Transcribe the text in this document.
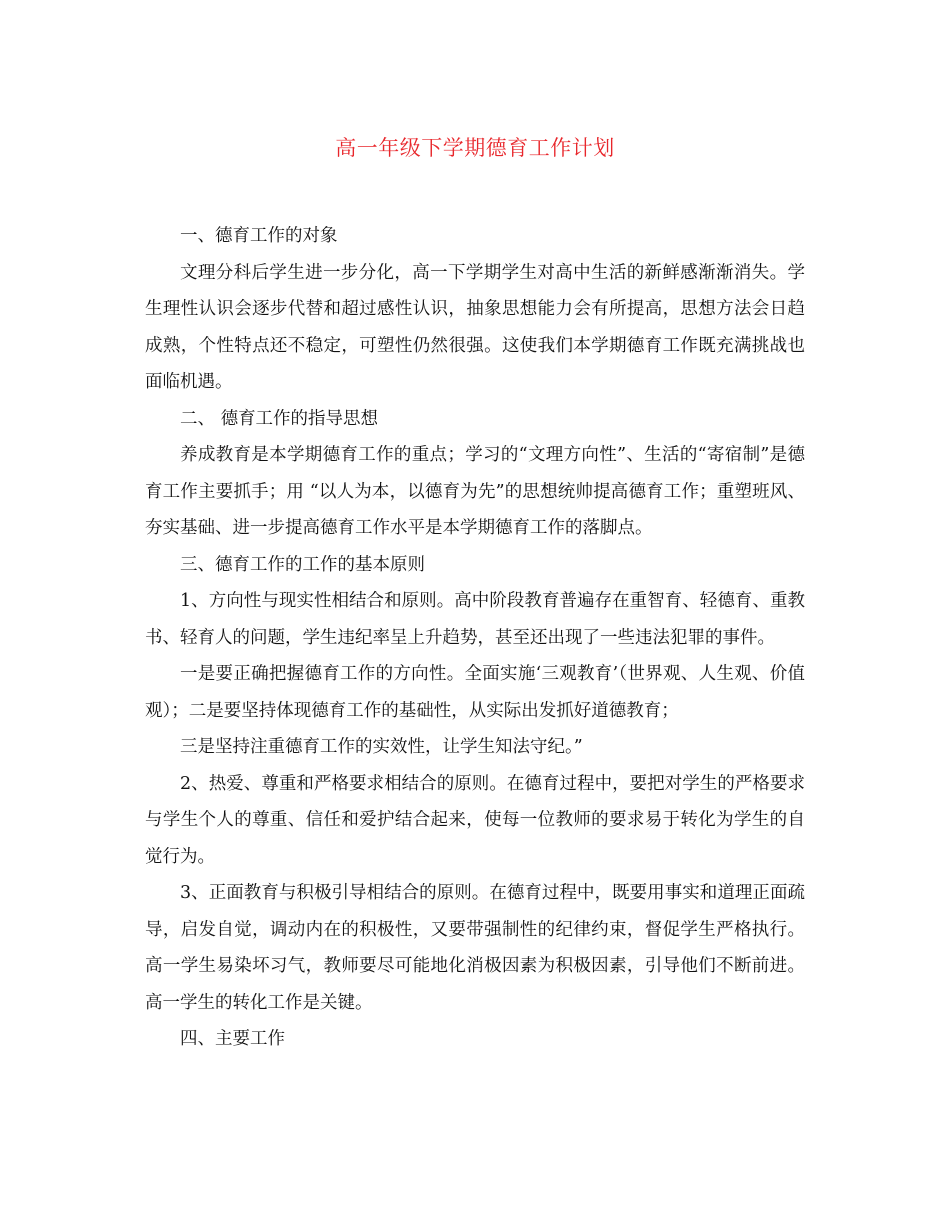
高一年级下学期德育工作计划

一、德育工作的对象

文理分科后学生进一步分化，高一下学期学生对高中生活的新鲜感渐渐消失。学生理性认识会逐步代替和超过感性认识，抽象思想能力会有所提高，思想方法会日趋成熟，个性特点还不稳定，可塑性仍然很强。这使我们本学期德育工作既充满挑战也面临机遇。

二、 德育工作的指导思想

养成教育是本学期德育工作的重点；学习的“文理方向性”、生活的“寄宿制”是德育工作主要抓手；用 “以人为本，以德育为先”的思想统帅提高德育工作；重塑班风、夯实基础、进一步提高德育工作水平是本学期德育工作的落脚点。

三、德育工作的工作的基本原则

1、方向性与现实性相结合和原则。高中阶段教育普遍存在重智育、轻德育、重教书、轻育人的问题，学生违纪率呈上升趋势，甚至还出现了一些违法犯罪的事件。

一是要正确把握德育工作的方向性。全面实施‘三观教育’（世界观、人生观、价值观）；二是要坚持体现德育工作的基础性，从实际出发抓好道德教育；

三是坚持注重德育工作的实效性，让学生知法守纪。”

2、热爱、尊重和严格要求相结合的原则。在德育过程中，要把对学生的严格要求与学生个人的尊重、信任和爱护结合起来，使每一位教师的要求易于转化为学生的自觉行为。

3、正面教育与积极引导相结合的原则。在德育过程中，既要用事实和道理正面疏导，启发自觉，调动内在的积极性，又要带强制性的纪律约束，督促学生严格执行。高一学生易染坏习气，教师要尽可能地化消极因素为积极因素，引导他们不断前进。高一学生的转化工作是关键。

四、主要工作
